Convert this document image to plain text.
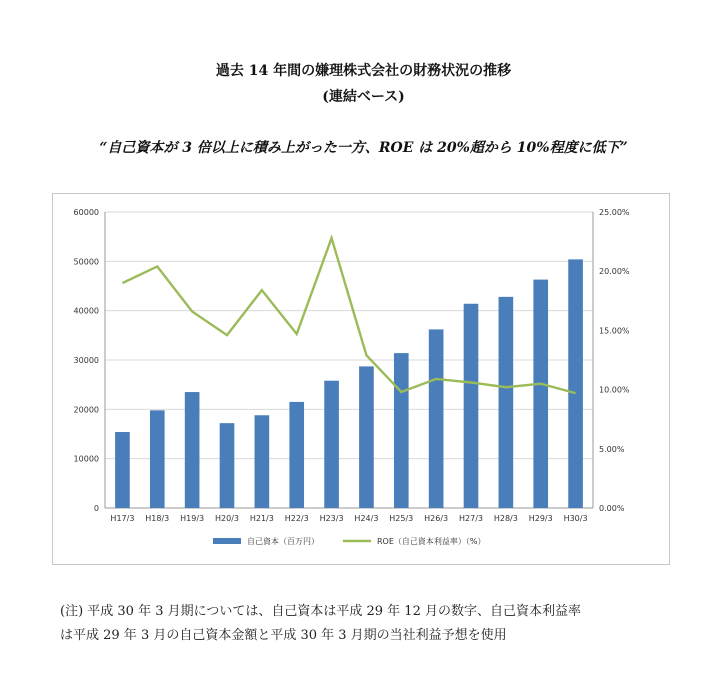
過去 14 年間の嫌理株式会社の財務状況の推移
(連結ベース)
“自己資本が 3 倍以上に積み上がった一方、ROE は 20%超から 10%程度に低下”
0
10000
20000
30000
40000
50000
60000
0.00%
5.00%
10.00%
15.00%
20.00%
25.00%
H17/3 H18/3 H19/3 H20/3 H21/3 H22/3 H23/3 H24/3 H25/3 H26/3 H27/3 H28/3 H29/3 H30/3
自己資本（百万円）	ROE（自己資本利益率）（%）
(注) 平成 30 年 3 月期については、自己資本は平成 29 年 12 月の数字、自己資本利益率
は平成 29 年 3 月の自己資本金額と平成 30 年 3 月期の当社利益予想を使用
